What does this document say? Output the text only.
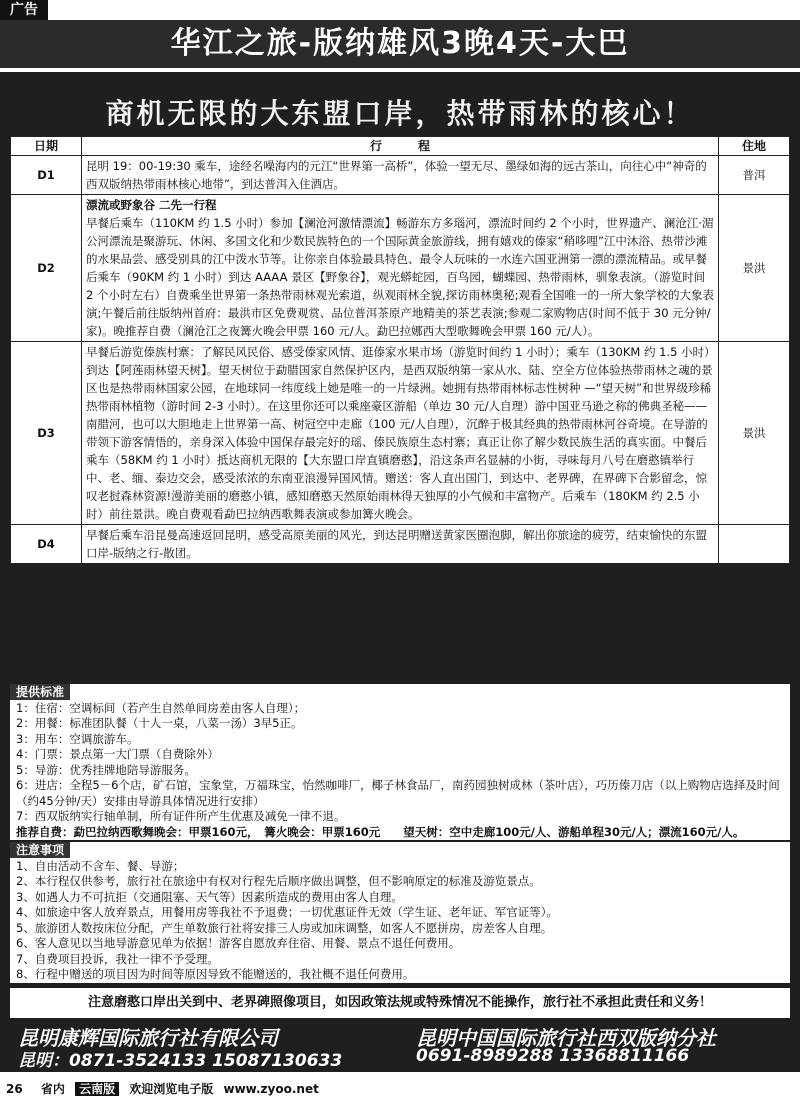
广告
华江之旅-版纳雄风3晚4天-大巴
商机无限的大东盟口岸，热带雨林的核心！
日期	行　　　程	住地
D1	昆明 19：00-19:30 乘车，途经名噪海内的元江“世界第一高桥”，体验一望无尽、墨绿如海的远古茶山，向往心中“神奇的西双版纳热带雨林核心地带”，到达普洱入住酒店。	普洱
D2	漂流或野象谷 二先一行程
早餐后乘车（110KM 约 1.5 小时）参加【澜沧河激情漂流】畅游东方多瑙河，漂流时间约 2 个小时，世界遗产、澜沧江·湄公河漂流是聚游玩、休闲、多国文化和少数民族特色的一个国际黄金旅游线，拥有嬉戏的傣家“稍哆哩”江中沐浴、热带沙滩的水果品尝、感受别具的江中泼水节等。让你亲自体验最具特色、最令人玩味的一水连六国亚洲第一漂的漂流精品。或早餐后乘车（90KM 约 1 小时）到达 AAAA 景区【野象谷】，观光蟒蛇园，百鸟园，蝴蝶园、热带雨林，驯象表演。（游览时间 2 个小时左右）自费乘坐世界第一条热带雨林观光索道，纵观雨林全貌,探访雨林奥秘;观看全国唯一的一所大象学校的大象表演;午餐后前往版纳州首府：最洪市区免费观赏、品位普洱茶原产地精美的茶艺表演;参观二家购物店(时间不低于 30 元分钟/家)。晚推荐自费（澜沧江之夜篝火晚会甲票 160 元/人。勐巴拉娜西大型歌舞晚会甲票 160 元/人）。	景洪
D3	早餐后游览傣族村寨：了解民风民俗、感受傣家风情、逛傣家水果市场（游览时间约 1 小时）；乘车（130KM 约 1.5 小时）到达【阿莲雨林望天树】。望天树位于勐腊国家自然保护区内，是西双版纳第一家从水、陆、空全方位体验热带雨林之魂的景区也是热带雨林国家公园，在地球同一纬度线上她是唯一的一片绿洲。她拥有热带雨林标志性树种 —“望天树”和世界级珍稀热带雨林植物（游时间 2-3 小时）。在这里你还可以乘座豪区游船（单边 30 元/人自理）游中国亚马逊之称的佛典圣秘——南腊河，也可以大胆地走上世界第一高、树冠空中走廊（100 元/人自理），沉醉于极其经典的热带雨林河谷奇境。在导游的带领下游客情悟的，亲身深入体验中国保存最完好的瑶、傣民族原生态村寨；真正让你了解少数民族生活的真实面。中餐后乘车（58KM 约 1 小时）抵达商机无限的【大东盟口岸直镇磨憨】，沿这条声名显赫的小街，寻味每月八号在磨憨镇举行中、老、缅、泰边交会，感受浓浓的东南亚浪漫异国风情。赠送：客人直出国门，到达中、老界碑，在界碑下合影留念，惊叹老挝森林资源!漫游美丽的磨憨小镇，感知磨憨天然原始雨林得天独厚的小气候和丰富物产。后乘车（180KM 约 2.5 小时）前往景洪。晚自费观看勐巴拉纳西歌舞表演或参加篝火晚会。	景洪
D4	早餐后乘车沿昆曼高速返回昆明，感受高原美丽的风光，到达昆明赠送黄家医圈泡脚，解出你旅途的疲劳，结束愉快的东盟口岸-版纳之行-散团。	
提供标准

1：住宿：空调标间（若产生自然单间房差由客人自理）；

2：用餐：标准团队餐（十人一桌，八菜一汤）3早5正。

3：用车：空调旅游车。

4：门票：景点第一大门票（自费除外）

5：导游：优秀挂牌地陪导游服务。

6：进店：全程5－6个店，矿石馆，宝象堂，万福珠宝，怡然咖啡厂，椰子林食品厂，南药园独树成林（茶叶店），巧历傣刀店（以上购物店选择及时间（约45分钟/天）安排由导游具体情况进行安排）

7：西双版纳实行轴单制，所有证件所产生优惠及减免一律不退。

推荐自费：勐巴拉纳西歌舞晚会：甲票160元，　篝火晚会：甲票160元　　望天树：空中走廊100元/人、游船单程30元/人；漂流160元/人。

注意事项

1、自由活动不含车、餐、导游；

2、本行程仅供参考，旅行社在旅途中有权对行程先后顺序做出调整，但不影响原定的标准及游览景点。

3、如遇人力不可抗拒（交通阻塞、天气等）因素所造成的费用由客人自理。

4、如旅途中客人放弃景点，用餐用房等我社不予退费；一切优惠证件无效（学生证、老年证、军官证等）。

5、旅游团人数按床位分配，产生单数旅行社将安排三人房或加床调整，如客人不愿拼房，房差客人自理。

6、客人意见以当地导游意见单为依据！游客自愿放弃住宿、用餐、景点不退任何费用。

7、自费项目投诉，我社一律不予受理。

8、行程中赠送的项目因为时间等原因导致不能赠送的，我社概不退任何费用。

注意磨憨口岸出关到中、老界碑照像项目，如因政策法规或特殊情况不能操作，旅行社不承担此责任和义务！
昆明康辉国际旅行社有限公司
昆明：0871-3524133 15087130633
昆明中国国际旅行社西双版纳分社
0691-8989288 13368811166
26 省内 云南版 欢迎浏览电子版 www.zyoo.net
